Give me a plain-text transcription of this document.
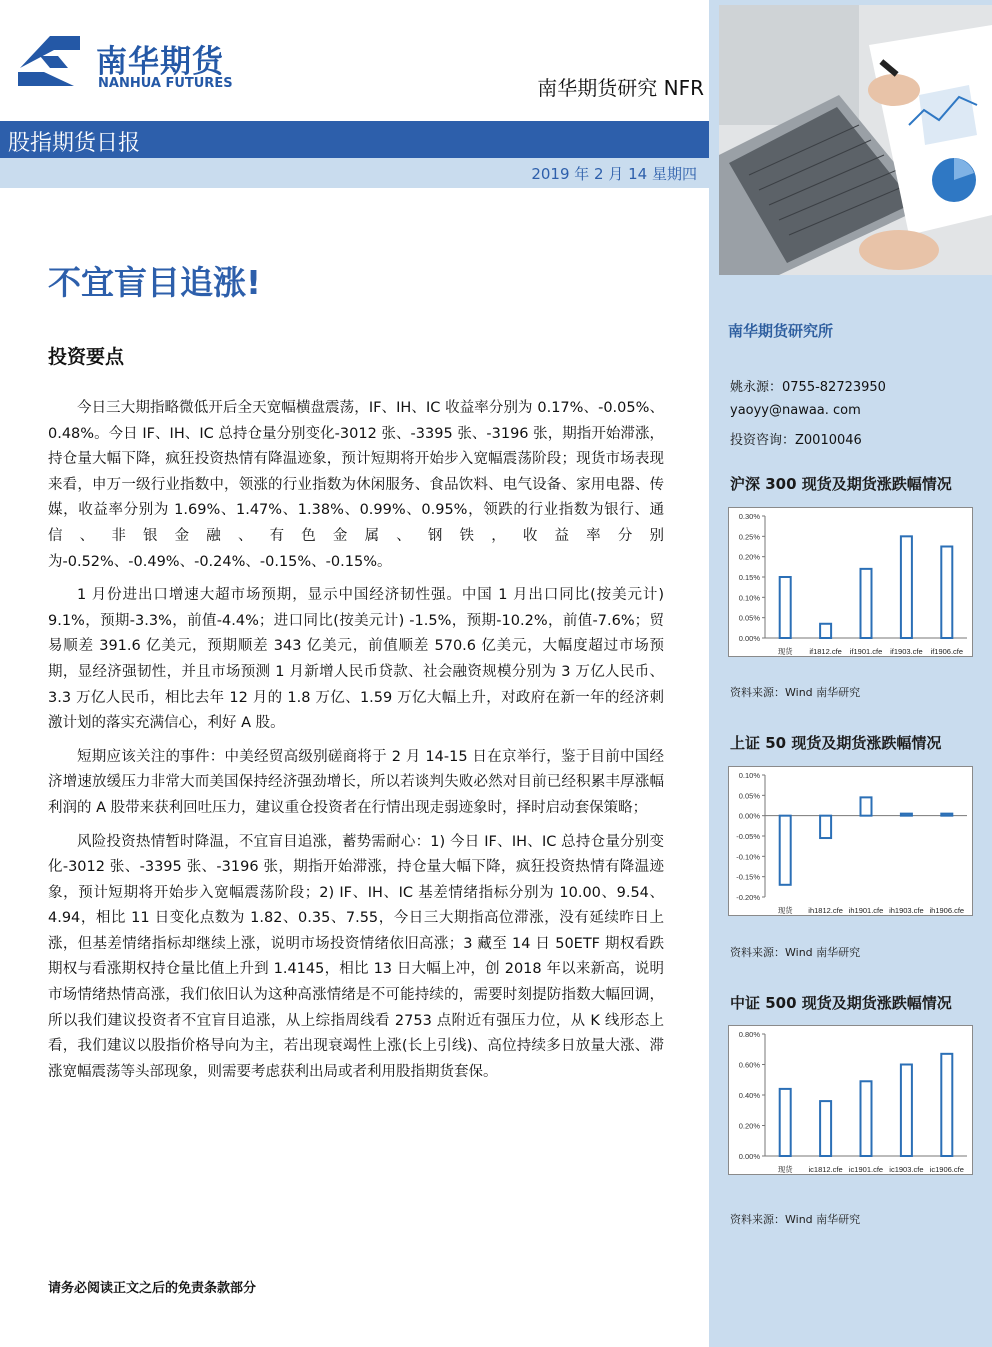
南华期货
NANHUA FUTURES	南华期货研究 NFR
股指期货日报
2019 年 2 月 14 星期四
不宜盲目追涨!
投资要点

今日三大期指略微低开后全天宽幅横盘震荡，IF、IH、IC 收益率分别为 0.17%、-0.05%、0.48%。今日 IF、IH、IC 总持仓量分别变化-3012 张、-3395 张、-3196 张，期指开始滞涨，持仓量大幅下降，疯狂投资热情有降温迹象，预计短期将开始步入宽幅震荡阶段；现货市场表现来看，申万一级行业指数中，领涨的行业指数为休闲服务、食品饮料、电气设备、家用电器、传媒，收益率分别为 1.69%、1.47%、1.38%、0.99%、0.95%，领跌的行业指数为银行、通信、非银金融、有色金属、钢铁，收益率分别为-0.52%、-0.49%、-0.24%、-0.15%、-0.15%。

1 月份进出口增速大超市场预期，显示中国经济韧性强。中国 1 月出口同比(按美元计) 9.1%，预期-3.3%，前值-4.4%；进口同比(按美元计) -1.5%，预期-10.2%，前值-7.6%；贸易顺差 391.6 亿美元，预期顺差 343 亿美元，前值顺差 570.6 亿美元，大幅度超过市场预期，显经济强韧性，并且市场预测 1 月新增人民币贷款、社会融资规模分别为 3 万亿人民币、3.3 万亿人民币，相比去年 12 月的 1.8 万亿、1.59 万亿大幅上升，对政府在新一年的经济刺激计划的落实充满信心，利好 A 股。

短期应该关注的事件：中美经贸高级别磋商将于 2 月 14-15 日在京举行，鉴于目前中国经济增速放缓压力非常大而美国保持经济强劲增长，所以若谈判失败必然对目前已经积累丰厚涨幅利润的 A 股带来获利回吐压力，建议重仓投资者在行情出现走弱迹象时，择时启动套保策略；

风险投资热情暂时降温，不宜盲目追涨，蓄势需耐心：1) 今日 IF、IH、IC 总持仓量分别变化-3012 张、-3395 张、-3196 张，期指开始滞涨，持仓量大幅下降，疯狂投资热情有降温迹象，预计短期将开始步入宽幅震荡阶段；2) IF、IH、IC 基差情绪指标分别为 10.00、9.54、4.94，相比 11 日变化点数为 1.82、0.35、7.55，今日三大期指高位滞涨，没有延续昨日上涨，但基差情绪指标却继续上涨，说明市场投资情绪依旧高涨；3 藏至 14 日 50ETF 期权看跌期权与看涨期权持仓量比值上升到 1.4145，相比 13 日大幅上冲，创 2018 年以来新高，说明市场情绪热情高涨，我们依旧认为这种高涨情绪是不可能持续的，需要时刻提防指数大幅回调，所以我们建议投资者不宜盲目追涨，从上综指周线看 2753 点附近有强压力位，从 K 线形态上看，我们建议以股指价格导向为主，若出现衰竭性上涨(长上引线)、高位持续多日放量大涨、滞涨宽幅震荡等头部现象，则需要考虑获利出局或者利用股指期货套保。

请务必阅读正文之后的免责条款部分
南华期货研究所
姚永源：0755-82723950
yaoyy@nawaa. com
投资咨询：Z0010046
沪深 300 现货及期货涨跌幅情况
0.30%
0.25%
0.20%
0.15%
0.10%
0.05%
0.00%
现货 if1812.cfe if1901.cfe if1903.cfe if1906.cfe
资料来源：Wind 南华研究
上证 50 现货及期货涨跌幅情况
0.10%
0.05%
0.00%
-0.05%
-0.10%
-0.15%
-0.20%
现货 ih1812.cfe ih1901.cfe ih1903.cfe ih1906.cfe
资料来源：Wind 南华研究
中证 500 现货及期货涨跌幅情况
0.80%
0.60%
0.40%
0.20%
0.00%
现货 ic1812.cfe ic1901.cfe ic1903.cfe ic1906.cfe
资料来源：Wind 南华研究
